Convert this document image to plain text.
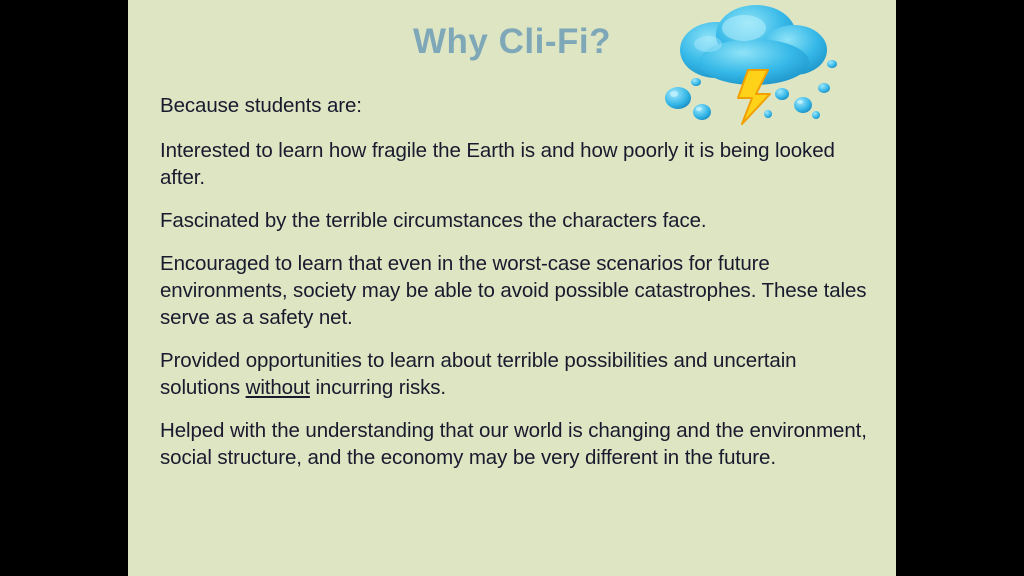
Why Cli-Fi?

Because students are:

Interested to learn how fragile the Earth is and how poorly it is being looked after.

Fascinated by the terrible circumstances the characters face.

Encouraged to learn that even in the worst-case scenarios for future environments, society may be able to avoid possible catastrophes. These tales serve as a safety net.

Provided opportunities to learn about terrible possibilities and uncertain solutions without incurring risks.

Helped with the understanding that our world is changing and the environment, social structure, and the economy may be very different in the future.
